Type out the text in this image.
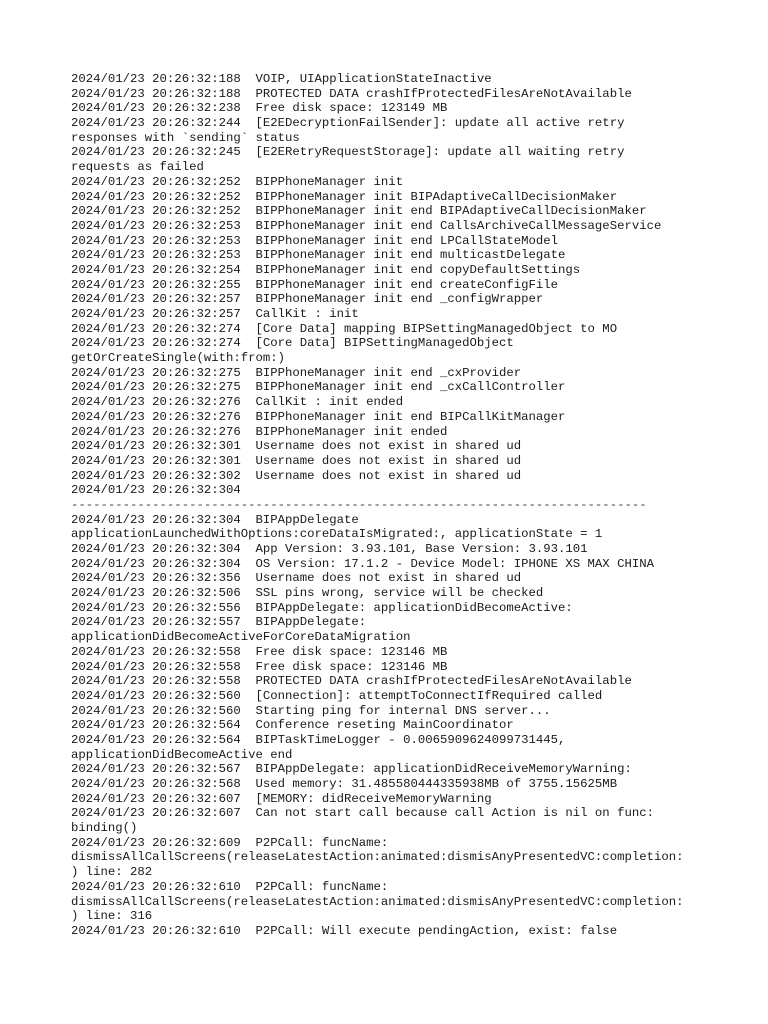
2024/01/23 20:26:32:188  VOIP, UIApplicationStateInactive
2024/01/23 20:26:32:188  PROTECTED DATA crashIfProtectedFilesAreNotAvailable
2024/01/23 20:26:32:238  Free disk space: 123149 MB
2024/01/23 20:26:32:244  [E2EDecryptionFailSender]: update all active retry
responses with `sending` status
2024/01/23 20:26:32:245  [E2ERetryRequestStorage]: update all waiting retry
requests as failed
2024/01/23 20:26:32:252  BIPPhoneManager init
2024/01/23 20:26:32:252  BIPPhoneManager init BIPAdaptiveCallDecisionMaker
2024/01/23 20:26:32:252  BIPPhoneManager init end BIPAdaptiveCallDecisionMaker
2024/01/23 20:26:32:253  BIPPhoneManager init end CallsArchiveCallMessageService
2024/01/23 20:26:32:253  BIPPhoneManager init end LPCallStateModel
2024/01/23 20:26:32:253  BIPPhoneManager init end multicastDelegate
2024/01/23 20:26:32:254  BIPPhoneManager init end copyDefaultSettings
2024/01/23 20:26:32:255  BIPPhoneManager init end createConfigFile
2024/01/23 20:26:32:257  BIPPhoneManager init end _configWrapper
2024/01/23 20:26:32:257  CallKit : init
2024/01/23 20:26:32:274  [Core Data] mapping BIPSettingManagedObject to MO
2024/01/23 20:26:32:274  [Core Data] BIPSettingManagedObject
getOrCreateSingle(with:from:)
2024/01/23 20:26:32:275  BIPPhoneManager init end _cxProvider
2024/01/23 20:26:32:275  BIPPhoneManager init end _cxCallController
2024/01/23 20:26:32:276  CallKit : init ended
2024/01/23 20:26:32:276  BIPPhoneManager init end BIPCallKitManager
2024/01/23 20:26:32:276  BIPPhoneManager init ended
2024/01/23 20:26:32:301  Username does not exist in shared ud
2024/01/23 20:26:32:301  Username does not exist in shared ud
2024/01/23 20:26:32:302  Username does not exist in shared ud
2024/01/23 20:26:32:304
------------------------------------------------------------------------------
2024/01/23 20:26:32:304  BIPAppDelegate
applicationLaunchedWithOptions:coreDataIsMigrated:, applicationState = 1
2024/01/23 20:26:32:304  App Version: 3.93.101, Base Version: 3.93.101
2024/01/23 20:26:32:304  OS Version: 17.1.2 - Device Model: IPHONE XS MAX CHINA
2024/01/23 20:26:32:356  Username does not exist in shared ud
2024/01/23 20:26:32:506  SSL pins wrong, service will be checked
2024/01/23 20:26:32:556  BIPAppDelegate: applicationDidBecomeActive:
2024/01/23 20:26:32:557  BIPAppDelegate:
applicationDidBecomeActiveForCoreDataMigration
2024/01/23 20:26:32:558  Free disk space: 123146 MB
2024/01/23 20:26:32:558  Free disk space: 123146 MB
2024/01/23 20:26:32:558  PROTECTED DATA crashIfProtectedFilesAreNotAvailable
2024/01/23 20:26:32:560  [Connection]: attemptToConnectIfRequired called
2024/01/23 20:26:32:560  Starting ping for internal DNS server...
2024/01/23 20:26:32:564  Conference reseting MainCoordinator
2024/01/23 20:26:32:564  BIPTaskTimeLogger - 0.0065909624099731445,
applicationDidBecomeActive end
2024/01/23 20:26:32:567  BIPAppDelegate: applicationDidReceiveMemoryWarning:
2024/01/23 20:26:32:568  Used memory: 31.485580444335938MB of 3755.15625MB
2024/01/23 20:26:32:607  [MEMORY: didReceiveMemoryWarning
2024/01/23 20:26:32:607  Can not start call because call Action is nil on func:
binding()
2024/01/23 20:26:32:609  P2PCall: funcName:
dismissAllCallScreens(releaseLatestAction:animated:dismisAnyPresentedVC:completion:
) line: 282
2024/01/23 20:26:32:610  P2PCall: funcName:
dismissAllCallScreens(releaseLatestAction:animated:dismisAnyPresentedVC:completion:
) line: 316
2024/01/23 20:26:32:610  P2PCall: Will execute pendingAction, exist: false
